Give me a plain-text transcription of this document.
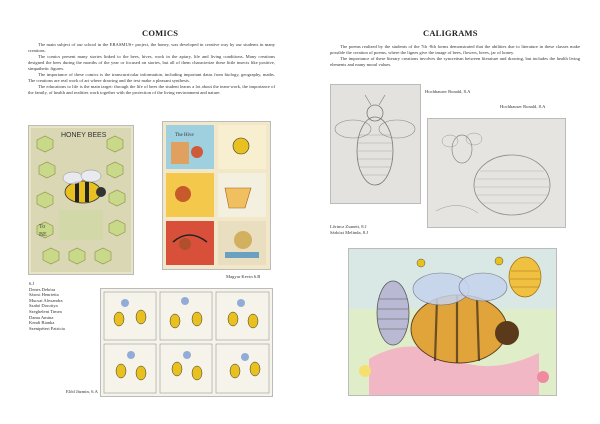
COMICS

The main subject of our school in the ERASMUS+ project, the honey, was developed in creative way by our students in many creations.

The comics present many stories linked to the bees, hives, work in the apiary, life and living conditions. Many creations designed the bees during the months of the year or focused on stories, but all of them characterize these little insects like positive, simpathetic figures.

The importance of these comics is the transcurricular information, including important datas from biology, geography, maths. The creations are real work of art where drawing and the text make a pleasant synthesis.

The educations to life is the main target: through the life of bees the student learns a lot about the team-work, the importance of the family, of health and realities work together with the protection of the living environment and nature.

HONEY BEES
To
BE
The Hive
Magyar Kevin 6.B
6.J
Denes Debóra
Sárosi Henrietta
Mucsai Alexandra
Szabó Dorottya
Szegheleni Timea
Dama Amina
Kendi Bianka
Szentpéteri Patricia
Előd Jázmin, 6.A
CALIGRAMS

The poems realized by the students of the 7th -8th forms demonstrated that the abilities due to literature in these classes make possible the creation of poems, where the lignes give the image of bees, flowers, hives, jar of honey.

The importance of these literary creations involves the syncretism between literature and drawing, but includes the health living elements and many moral values.

Hochhauser Ronald, 8.A
Hochhauser Ronald, 8.A
Lőrincz Zsanett, 8.J
Sárközi Melinda, 8.J
